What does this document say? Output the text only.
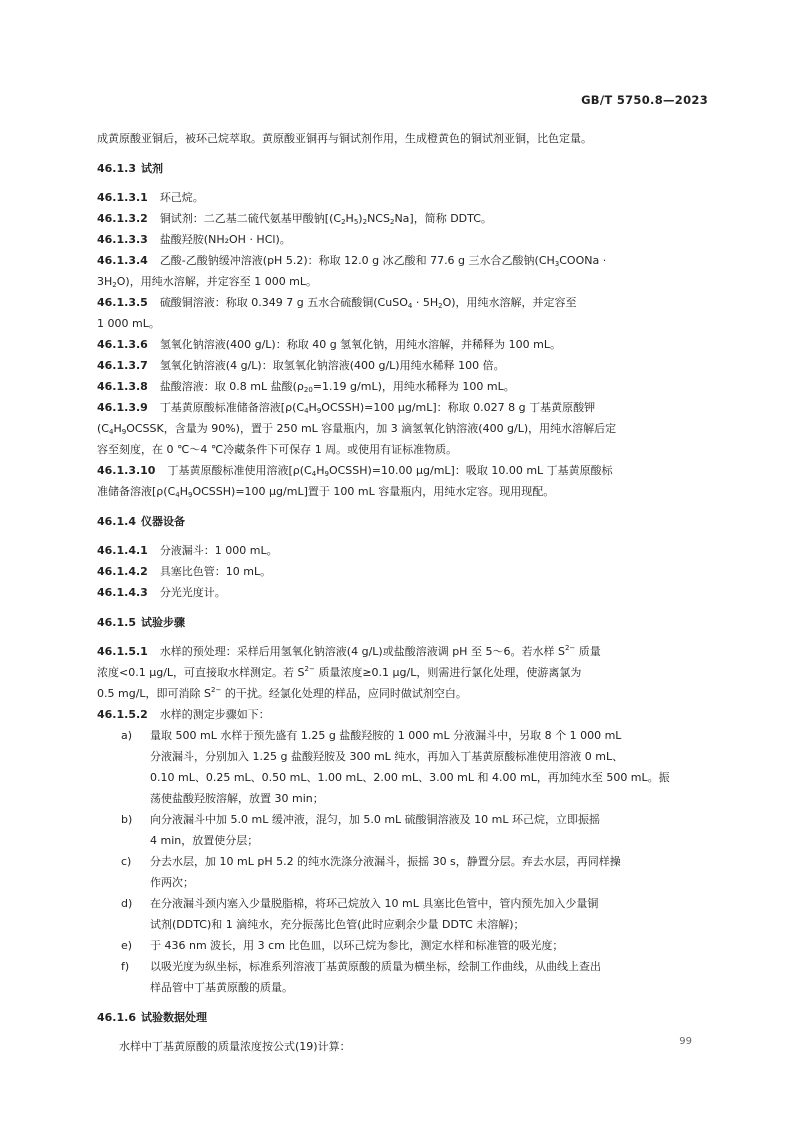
GB/T 5750.8—2023

成黄原酸亚铜后，被环己烷萃取。黄原酸亚铜再与铜试剂作用，生成橙黄色的铜试剂亚铜，比色定量。

46.1.3 试剂

46.1.3.1 环己烷。

46.1.3.2 铜试剂：二乙基二硫代氨基甲酸钠$[(C_2H_5)_2NCS_2Na]$，简称 DDTC。

46.1.3.3 盐酸羟胺(NH₂OH · HCl)。

46.1.3.4 乙酸-乙酸钠缓冲溶液(pH 5.2)：称取 12.0 g 冰乙酸和 77.6 g 三水合乙酸钠($CH_3COONa$ ·
$3H_2O$)，用纯水溶解，并定容至 1 000 mL。

46.1.3.5 硫酸铜溶液：称取 0.349 7 g 五水合硫酸铜(CuSO$_4$ · $5H_2O$)，用纯水溶解，并定容至
1 000 mL。

46.1.3.6 氢氧化钠溶液(400 g/L)：称取 40 g 氢氧化钠，用纯水溶解，并稀释为 100 mL。

46.1.3.7 氢氧化钠溶液(4 g/L)：取氢氧化钠溶液(400 g/L)用纯水稀释 100 倍。

46.1.3.8 盐酸溶液：取 0.8 mL 盐酸($\rho_{20}=1.19$ g/mL)，用纯水稀释为 100 mL。

46.1.3.9 丁基黄原酸标准储备溶液[$\rho(C_4H_9OCSSH)=100$ μg/mL]：称取 0.027 8 g 丁基黄原酸钾
($C_4H_9OCSSK$，含量为 90%)，置于 250 mL 容量瓶内，加 3 滴氢氧化钠溶液(400 g/L)，用纯水溶解后定
容至刻度，在 0 ℃～4 ℃冷藏条件下可保存 1 周。或使用有证标准物质。

46.1.3.10 丁基黄原酸标准使用溶液[$\rho(C_4H_9OCSSH)=10.00$ μg/mL]：吸取 10.00 mL 丁基黄原酸标
准储备溶液[$\rho(C_4H_9OCSSH)=100$ μg/mL]置于 100 mL 容量瓶内，用纯水定容。现用现配。

46.1.4 仪器设备

46.1.4.1 分液漏斗：1 000 mL。

46.1.4.2 具塞比色管：10 mL。

46.1.4.3 分光光度计。

46.1.5 试验步骤

46.1.5.1 水样的预处理：采样后用氢氧化钠溶液(4 g/L)或盐酸溶液调 pH 至 5～6。若水样 $S^{2-}$ 质量
浓度<0.1 μg/L，可直接取水样测定。若 $S^{2-}$ 质量浓度≥0.1 μg/L，则需进行氯化处理，使游离氯为
0.5 mg/L，即可消除 $S^{2-}$ 的干扰。经氯化处理的样品，应同时做试剂空白。

46.1.5.2 水样的测定步骤如下：

a) 量取 500 mL 水样于预先盛有 1.25 g 盐酸羟胺的 1 000 mL 分液漏斗中，另取 8 个 1 000 mL
分液漏斗，分别加入 1.25 g 盐酸羟胺及 300 mL 纯水，再加入丁基黄原酸标准使用溶液 0 mL、
0.10 mL、0.25 mL、0.50 mL、1.00 mL、2.00 mL、3.00 mL 和 4.00 mL，再加纯水至 500 mL。振
荡使盐酸羟胺溶解，放置 30 min；

b) 向分液漏斗中加 5.0 mL 缓冲液，混匀，加 5.0 mL 硫酸铜溶液及 10 mL 环己烷，立即振摇
4 min，放置使分层；

c) 分去水层，加 10 mL pH 5.2 的纯水洗涤分液漏斗，振摇 30 s，静置分层。弃去水层，再同样操
作两次；

d) 在分液漏斗颈内塞入少量脱脂棉，将环己烷放入 10 mL 具塞比色管中，管内预先加入少量铜
试剂(DDTC)和 1 滴纯水，充分振荡比色管(此时应剩余少量 DDTC 未溶解)；

e) 于 436 nm 波长，用 3 cm 比色皿，以环己烷为参比，测定水样和标准管的吸光度；

f) 以吸光度为纵坐标，标准系列溶液丁基黄原酸的质量为横坐标，绘制工作曲线，从曲线上查出
样品管中丁基黄原酸的质量。

46.1.6 试验数据处理

水样中丁基黄原酸的质量浓度按公式(19)计算：	99
